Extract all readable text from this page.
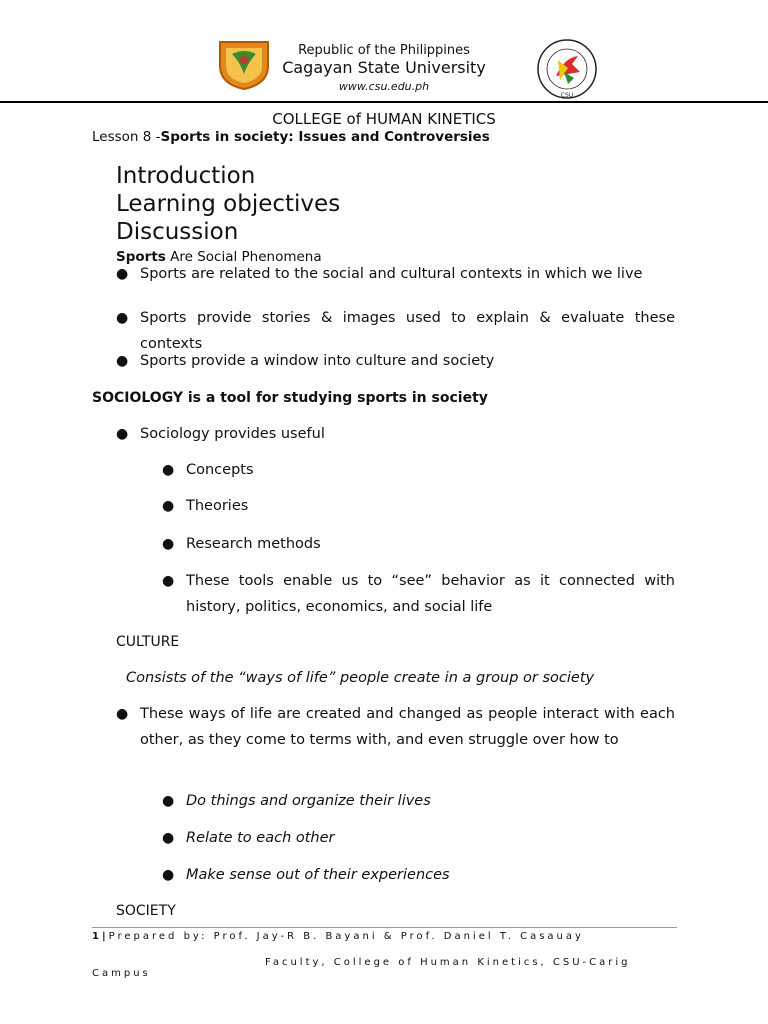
CSU
Republic of the Philippines
Cagayan State University
www.csu.edu.ph
COLLEGE of HUMAN KINETICS
Lesson 8 -Sports in society: Issues and Controversies
Introduction
Learning objectives
Discussion
Sports Are Social Phenomena
● Sports are related to the social and cultural contexts in which we live
● Sports provide stories & images used to explain & evaluate these contexts
● Sports provide a window into culture and society
SOCIOLOGY is a tool for studying sports in society
● Sociology provides useful
● Concepts
● Theories
● Research methods
● These tools enable us to “see” behavior as it connected with history, politics, economics, and social life
CULTURE
Consists of the “ways of life” people create in a group or society
● These ways of life are created and changed as people interact with each other, as they come to terms with, and even struggle over how to
● Do things and organize their lives
● Relate to each other
● Make sense out of their experiences
SOCIETY
1|Prepared by: Prof. Jay-R B. Bayani & Prof. Daniel T. Casauay
Faculty, College of Human Kinetics, CSU-Carig
Campus
